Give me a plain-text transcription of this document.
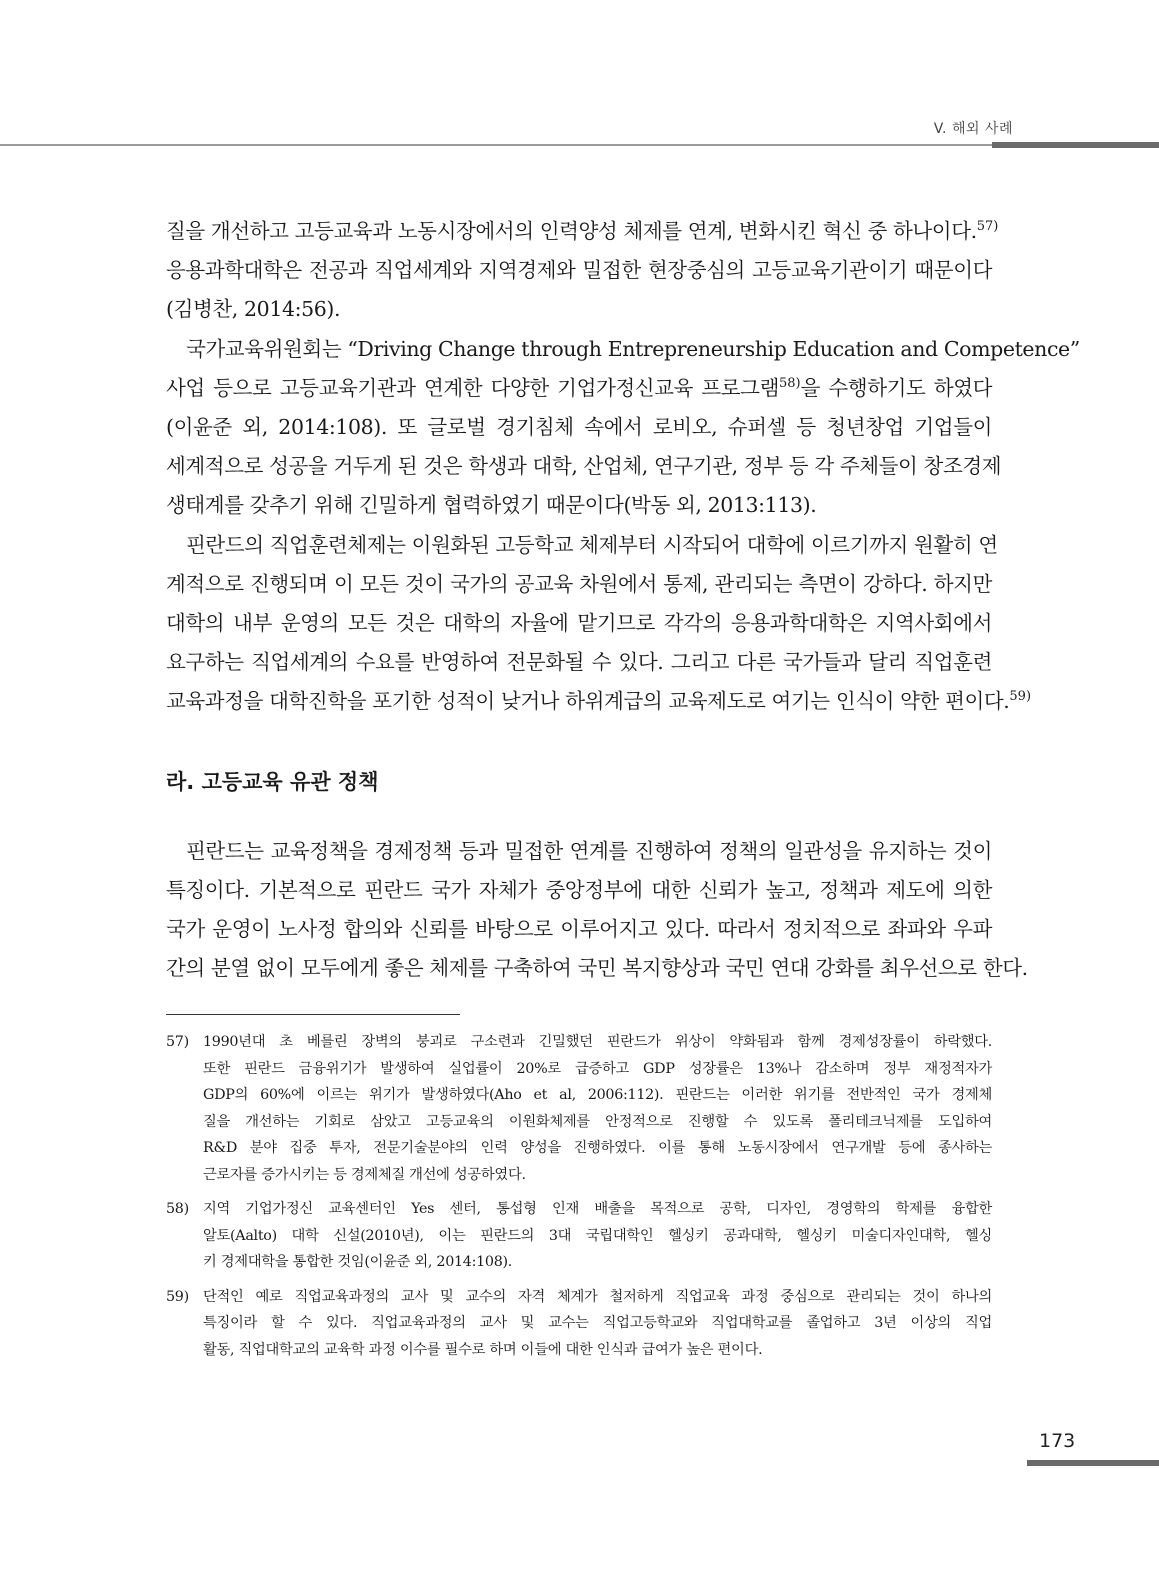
V. 해외 사례
질을 개선하고 고등교육과 노동시장에서의 인력양성 체제를 연계, 변화시킨 혁신 중 하나이다.$^{57)}$
응용과학대학은 전공과 직업세계와 지역경제와 밀접한 현장중심의 고등교육기관이기 때문이다
(김병찬, 2014:56).
국가교육위원회는 “Driving Change through Entrepreneurship Education and Competence”
사업 등으로 고등교육기관과 연계한 다양한 기업가정신교육 프로그램$^{58)}$을 수행하기도 하였다
(이윤준 외, 2014:108). 또 글로벌 경기침체 속에서 로비오, 슈퍼셀 등 청년창업 기업들이
세계적으로 성공을 거두게 된 것은 학생과 대학, 산업체, 연구기관, 정부 등 각 주체들이 창조경제
생태계를 갖추기 위해 긴밀하게 협력하였기 때문이다(박동 외, 2013:113).
핀란드의 직업훈련체제는 이원화된 고등학교 체제부터 시작되어 대학에 이르기까지 원활히 연
계적으로 진행되며 이 모든 것이 국가의 공교육 차원에서 통제, 관리되는 측면이 강하다. 하지만
대학의 내부 운영의 모든 것은 대학의 자율에 맡기므로 각각의 응용과학대학은 지역사회에서
요구하는 직업세계의 수요를 반영하여 전문화될 수 있다. 그리고 다른 국가들과 달리 직업훈련
교육과정을 대학진학을 포기한 성적이 낮거나 하위계급의 교육제도로 여기는 인식이 약한 편이다.$^{59)}$
라. 고등교육 유관 정책
핀란드는 교육정책을 경제정책 등과 밀접한 연계를 진행하여 정책의 일관성을 유지하는 것이
특징이다. 기본적으로 핀란드 국가 자체가 중앙정부에 대한 신뢰가 높고, 정책과 제도에 의한
국가 운영이 노사정 합의와 신뢰를 바탕으로 이루어지고 있다. 따라서 정치적으로 좌파와 우파
간의 분열 없이 모두에게 좋은 체제를 구축하여 국민 복지향상과 국민 연대 강화를 최우선으로 한다.
57) 1990년대 초 베를린 장벽의 붕괴로 구소련과 긴밀했던 핀란드가 위상이 약화됨과 함께 경제성장률이 하락했다.
또한 핀란드 금융위기가 발생하여 실업률이 20%로 급증하고 GDP 성장률은 13%나 감소하며 정부 재정적자가
GDP의 60%에 이르는 위기가 발생하였다(Aho et al, 2006:112). 핀란드는 이러한 위기를 전반적인 국가 경제체
질을 개선하는 기회로 삼았고 고등교육의 이원화체제를 안정적으로 진행할 수 있도록 폴리테크닉제를 도입하여
R&D 분야 집중 투자, 전문기술분야의 인력 양성을 진행하였다. 이를 통해 노동시장에서 연구개발 등에 종사하는
근로자를 증가시키는 등 경제체질 개선에 성공하였다.
58) 지역 기업가정신 교육센터인 Yes 센터, 통섭형 인재 배출을 목적으로 공학, 디자인, 경영학의 학제를 융합한
알토(Aalto) 대학 신설(2010년), 이는 핀란드의 3대 국립대학인 헬싱키 공과대학, 헬싱키 미술디자인대학, 헬싱
키 경제대학을 통합한 것임(이윤준 외, 2014:108).
59) 단적인 예로 직업교육과정의 교사 및 교수의 자격 체계가 철저하게 직업교육 과정 중심으로 관리되는 것이 하나의
특징이라 할 수 있다. 직업교육과정의 교사 및 교수는 직업고등학교와 직업대학교를 졸업하고 3년 이상의 직업
활동, 직업대학교의 교육학 과정 이수를 필수로 하며 이들에 대한 인식과 급여가 높은 편이다.
173
